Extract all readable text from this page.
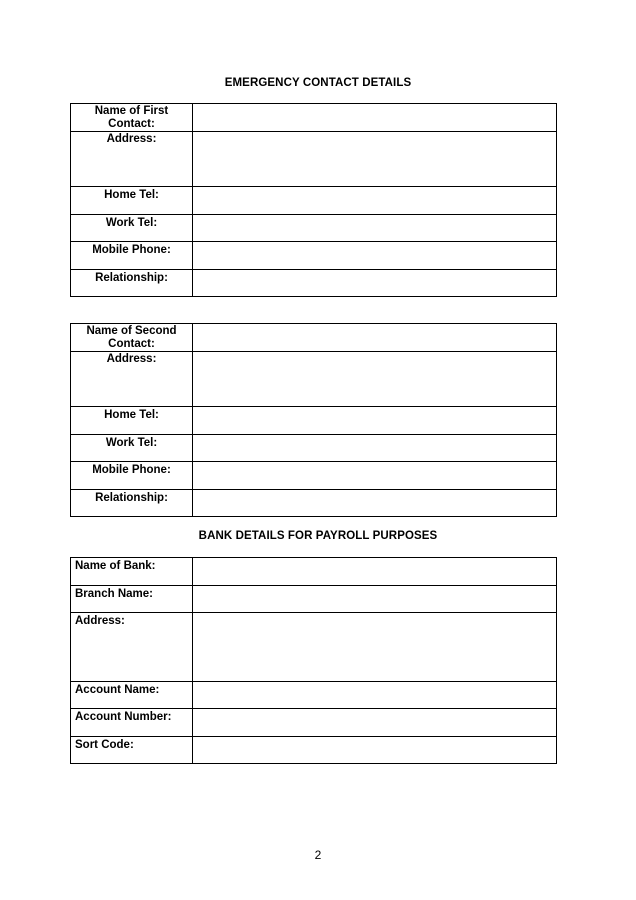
EMERGENCY CONTACT DETAILS
Name of First Contact:	
Address:	
Home Tel:	
Work Tel:	
Mobile Phone:	
Relationship:	
Name of Second Contact:	
Address:	
Home Tel:	
Work Tel:	
Mobile Phone:	
Relationship:	
BANK DETAILS FOR PAYROLL PURPOSES
Name of Bank:	
Branch Name:	
Address:	
Account Name:	
Account Number:	
Sort Code:	
2
